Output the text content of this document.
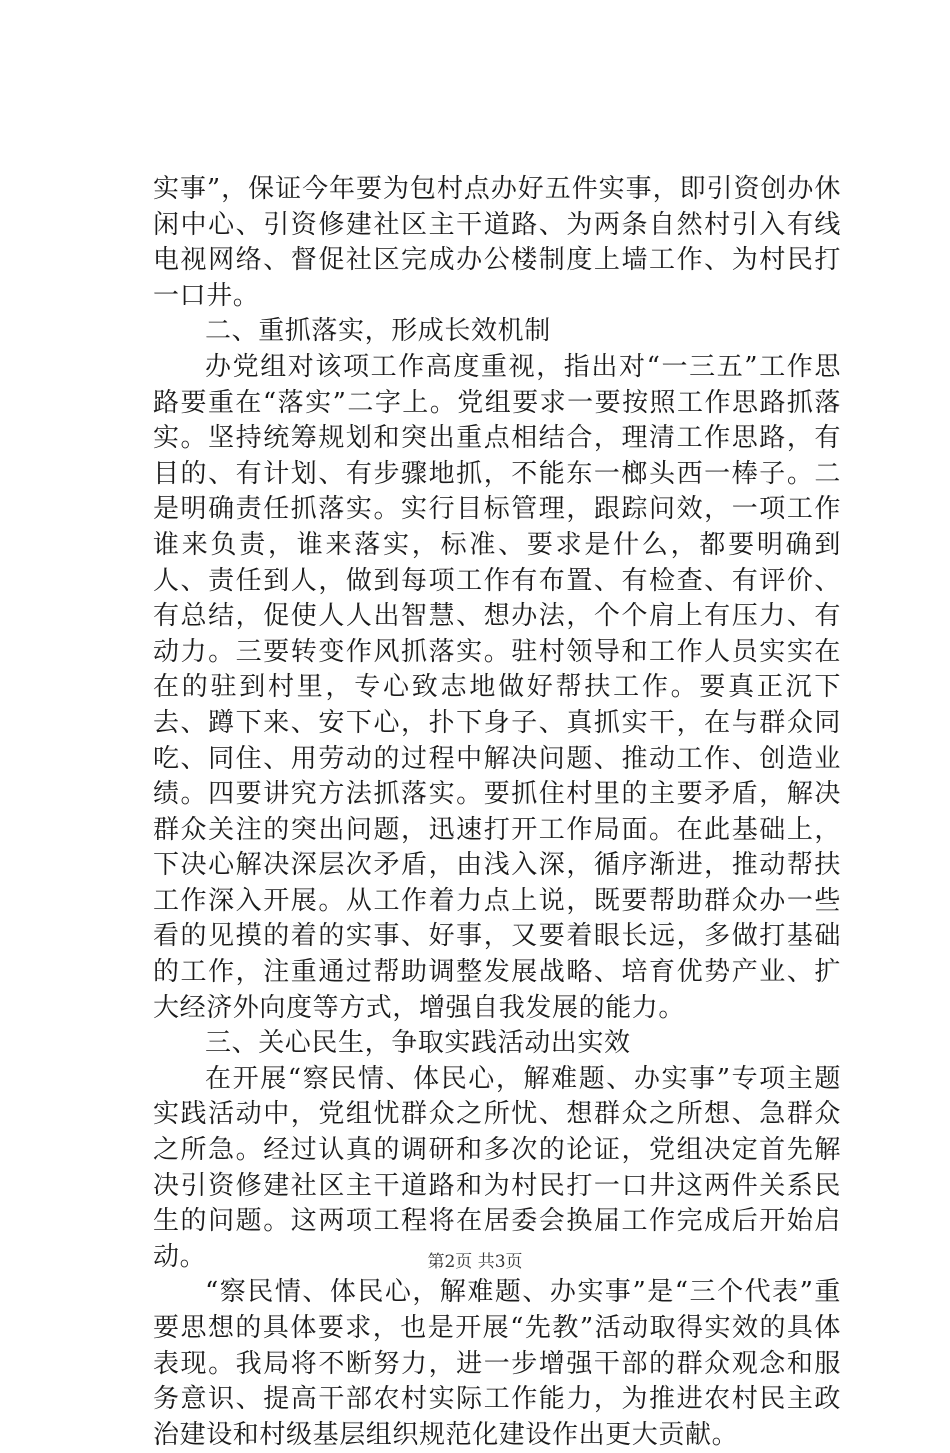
实事”，保证今年要为包村点办好五件实事，即引资创办休闲中心、引资修建社区主干道路、为两条自然村引入有线电视网络、督促社区完成办公楼制度上墙工作、为村民打一口井。

二、重抓落实，形成长效机制

办党组对该项工作高度重视，指出对“一三五”工作思路要重在“落实”二字上。党组要求一要按照工作思路抓落实。坚持统筹规划和突出重点相结合，理清工作思路，有目的、有计划、有步骤地抓，不能东一榔头西一棒子。二是明确责任抓落实。实行目标管理，跟踪问效，一项工作谁来负责，谁来落实，标准、要求是什么，都要明确到人、责任到人，做到每项工作有布置、有检查、有评价、有总结，促使人人出智慧、想办法，个个肩上有压力、有动力。三要转变作风抓落实。驻村领导和工作人员实实在在的驻到村里，专心致志地做好帮扶工作。要真正沉下去、蹲下来、安下心，扑下身子、真抓实干，在与群众同吃、同住、用劳动的过程中解决问题、推动工作、创造业绩。四要讲究方法抓落实。要抓住村里的主要矛盾，解决群众关注的突出问题，迅速打开工作局面。在此基础上，下决心解决深层次矛盾，由浅入深，循序渐进，推动帮扶工作深入开展。从工作着力点上说，既要帮助群众办一些看的见摸的着的实事、好事，又要着眼长远，多做打基础的工作，注重通过帮助调整发展战略、培育优势产业、扩大经济外向度等方式，增强自我发展的能力。

三、关心民生，争取实践活动出实效

在开展“察民情、体民心，解难题、办实事”专项主题实践活动中，党组忧群众之所忧、想群众之所想、急群众之所急。经过认真的调研和多次的论证，党组决定首先解决引资修建社区主干道路和为村民打一口井这两件关系民生的问题。这两项工程将在居委会换届工作完成后开始启动。

“察民情、体民心，解难题、办实事”是“三个代表”重要思想的具体要求，也是开展“先教”活动取得实效的具体表现。我局将不断努力，进一步增强干部的群众观念和服务意识、提高干部农村实际工作能力，为推进农村民主政治建设和村级基层组织规范化建设作出更大贡献。

第2页 共3页
